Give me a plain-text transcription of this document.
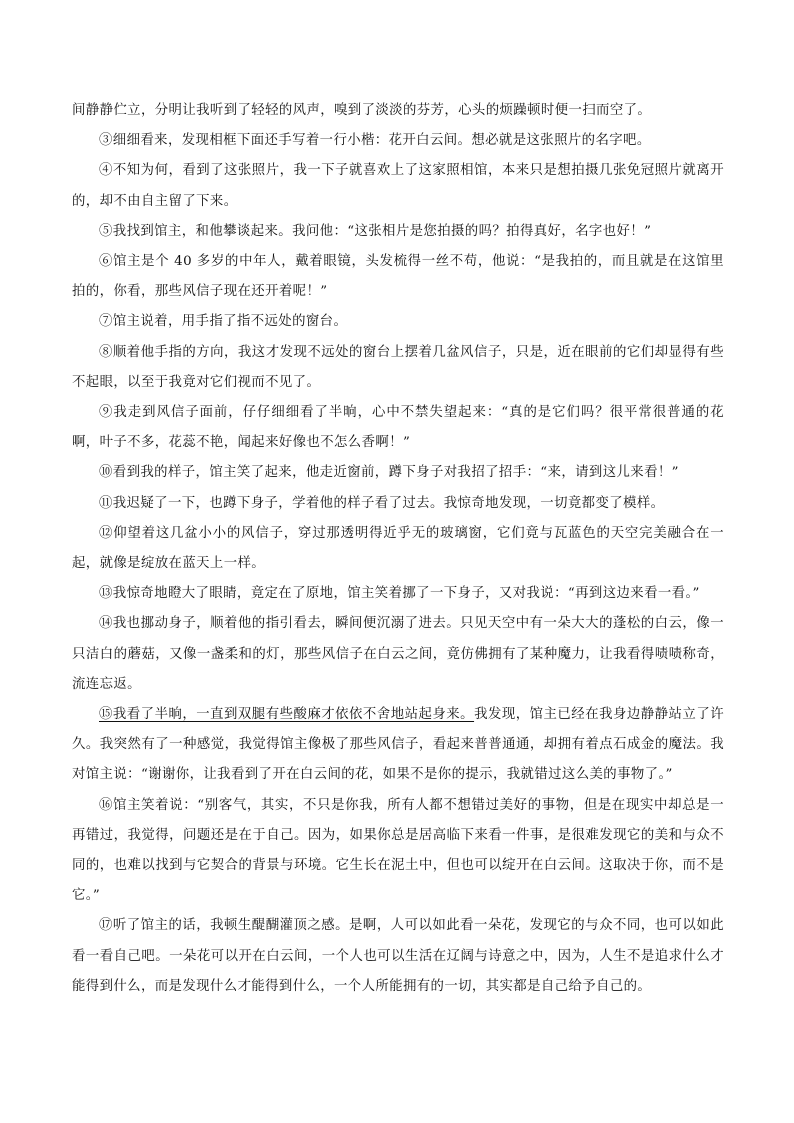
间静静伫立，分明让我听到了轻轻的风声，嗅到了淡淡的芬芳，心头的烦躁顿时便一扫而空了。

③细细看来，发现相框下面还手写着一行小楷：花开白云间。想必就是这张照片的名字吧。

④不知为何，看到了这张照片，我一下子就喜欢上了这家照相馆，本来只是想拍摄几张免冠照片就离开的，却不由自主留了下来。

⑤我找到馆主，和他攀谈起来。我问他：“这张相片是您拍摄的吗？拍得真好，名字也好！”

⑥馆主是个 40 多岁的中年人，戴着眼镜，头发梳得一丝不苟，他说：“是我拍的，而且就是在这馆里拍的，你看，那些风信子现在还开着呢！”

⑦馆主说着，用手指了指不远处的窗台。

⑧顺着他手指的方向，我这才发现不远处的窗台上摆着几盆风信子，只是，近在眼前的它们却显得有些不起眼，以至于我竟对它们视而不见了。

⑨我走到风信子面前，仔仔细细看了半晌，心中不禁失望起来：“真的是它们吗？很平常很普通的花啊，叶子不多，花蕊不艳，闻起来好像也不怎么香啊！”

⑩看到我的样子，馆主笑了起来，他走近窗前，蹲下身子对我招了招手：“来，请到这儿来看！”

⑪我迟疑了一下，也蹲下身子，学着他的样子看了过去。我惊奇地发现，一切竟都变了模样。

⑫仰望着这几盆小小的风信子，穿过那透明得近乎无的玻璃窗，它们竟与瓦蓝色的天空完美融合在一起，就像是绽放在蓝天上一样。

⑬我惊奇地瞪大了眼睛，竟定在了原地，馆主笑着挪了一下身子，又对我说：“再到这边来看一看。”

⑭我也挪动身子，顺着他的指引看去，瞬间便沉溺了进去。只见天空中有一朵大大的蓬松的白云，像一只洁白的蘑菇，又像一盏柔和的灯，那些风信子在白云之间，竟仿佛拥有了某种魔力，让我看得啧啧称奇，流连忘返。

⑮我看了半晌，一直到双腿有些酸麻才依依不舍地站起身来。我发现，馆主已经在我身边静静站立了许久。我突然有了一种感觉，我觉得馆主像极了那些风信子，看起来普普通通，却拥有着点石成金的魔法。我对馆主说：“谢谢你，让我看到了开在白云间的花，如果不是你的提示，我就错过这么美的事物了。”

⑯馆主笑着说：“别客气，其实，不只是你我，所有人都不想错过美好的事物，但是在现实中却总是一再错过，我觉得，问题还是在于自己。因为，如果你总是居高临下来看一件事，是很难发现它的美和与众不同的，也难以找到与它契合的背景与环境。它生长在泥土中，但也可以绽开在白云间。这取决于你，而不是它。”

⑰听了馆主的话，我顿生醍醐灌顶之感。是啊，人可以如此看一朵花，发现它的与众不同，也可以如此看一看自己吧。一朵花可以开在白云间，一个人也可以生活在辽阔与诗意之中，因为，人生不是追求什么才能得到什么，而是发现什么才能得到什么，一个人所能拥有的一切，其实都是自己给予自己的。
